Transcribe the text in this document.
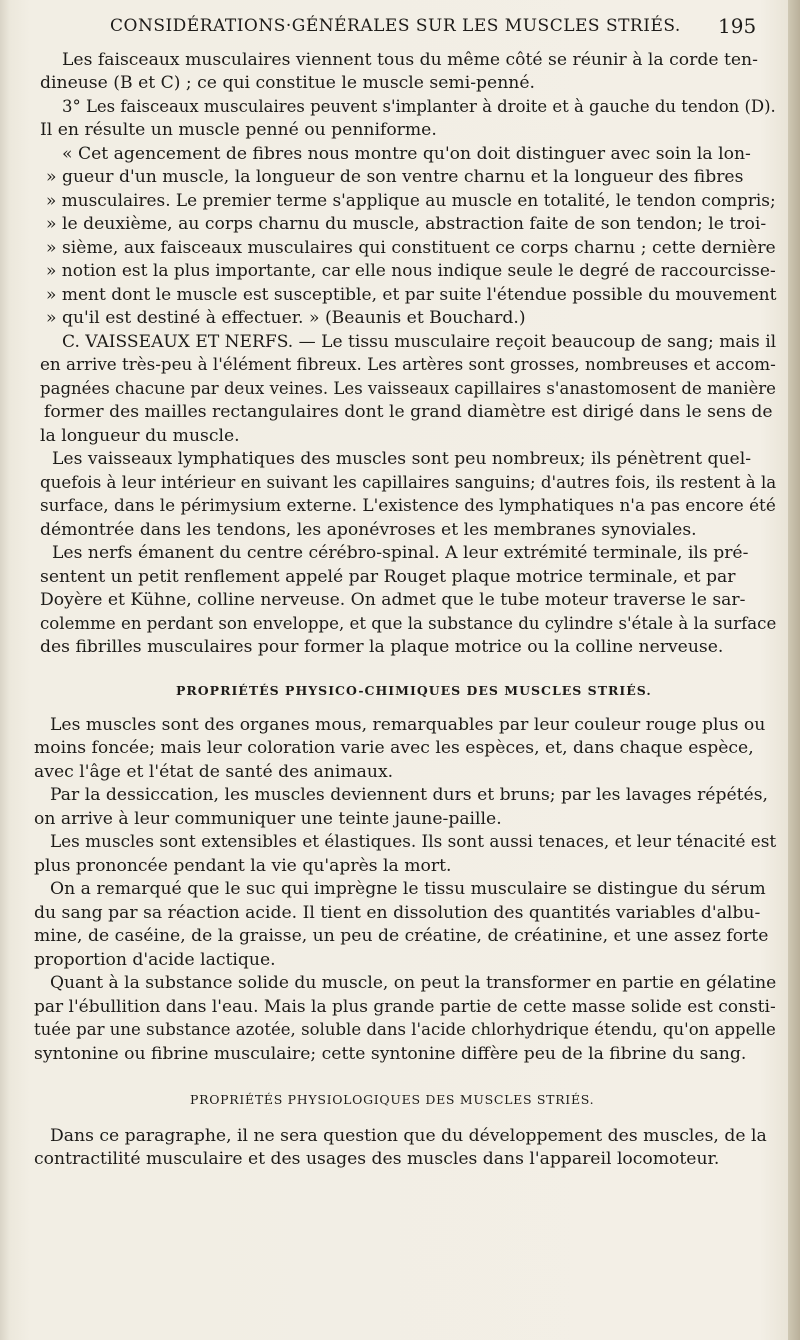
CONSIDÉRATIONS·GÉNÉRALES SUR LES MUSCLES STRIÉS. 195
Les faisceaux musculaires viennent tous du même côté se réunir à la corde ten-
dineuse (B et C) ; ce qui constitue le muscle semi-penné.
3° Les faisceaux musculaires peuvent s'implanter à droite et à gauche du tendon (D).
Il en résulte un muscle penné ou penniforme.
« Cet agencement de fibres nous montre qu'on doit distinguer avec soin la lon-
» gueur d'un muscle, la longueur de son ventre charnu et la longueur des fibres
» musculaires. Le premier terme s'applique au muscle en totalité, le tendon compris;
» le deuxième, au corps charnu du muscle, abstraction faite de son tendon; le troi-
» sième, aux faisceaux musculaires qui constituent ce corps charnu ; cette dernière
» notion est la plus importante, car elle nous indique seule le degré de raccourcisse-
» ment dont le muscle est susceptible, et par suite l'étendue possible du mouvement
» qu'il est destiné à effectuer. » (Beaunis et Bouchard.)
C. VAISSEAUX ET NERFS. — Le tissu musculaire reçoit beaucoup de sang; mais il
en arrive très-peu à l'élément fibreux. Les artères sont grosses, nombreuses et accom-
pagnées chacune par deux veines. Les vaisseaux capillaires s'anastomosent de manière
former des mailles rectangulaires dont le grand diamètre est dirigé dans le sens de
la longueur du muscle.
Les vaisseaux lymphatiques des muscles sont peu nombreux; ils pénètrent quel-
quefois à leur intérieur en suivant les capillaires sanguins; d'autres fois, ils restent à la
surface, dans le périmysium externe. L'existence des lymphatiques n'a pas encore été
démontrée dans les tendons, les aponévroses et les membranes synoviales.
Les nerfs émanent du centre cérébro-spinal. A leur extrémité terminale, ils pré-
sentent un petit renflement appelé par Rouget plaque motrice terminale, et par
Doyère et Kühne, colline nerveuse. On admet que le tube moteur traverse le sar-
colemme en perdant son enveloppe, et que la substance du cylindre s'étale à la surface
des fibrilles musculaires pour former la plaque motrice ou la colline nerveuse.
PROPRIÉTÉS PHYSICO-CHIMIQUES DES MUSCLES STRIÉS.
Les muscles sont des organes mous, remarquables par leur couleur rouge plus ou
moins foncée; mais leur coloration varie avec les espèces, et, dans chaque espèce,
avec l'âge et l'état de santé des animaux.
Par la dessiccation, les muscles deviennent durs et bruns; par les lavages répétés,
on arrive à leur communiquer une teinte jaune-paille.
Les muscles sont extensibles et élastiques. Ils sont aussi tenaces, et leur ténacité est
plus prononcée pendant la vie qu'après la mort.
On a remarqué que le suc qui imprègne le tissu musculaire se distingue du sérum
du sang par sa réaction acide. Il tient en dissolution des quantités variables d'albu-
mine, de caséine, de la graisse, un peu de créatine, de créatinine, et une assez forte
proportion d'acide lactique.
Quant à la substance solide du muscle, on peut la transformer en partie en gélatine
par l'ébullition dans l'eau. Mais la plus grande partie de cette masse solide est consti-
tuée par une substance azotée, soluble dans l'acide chlorhydrique étendu, qu'on appelle
syntonine ou fibrine musculaire; cette syntonine diffère peu de la fibrine du sang.
PROPRIÉTÉS PHYSIOLOGIQUES DES MUSCLES STRIÉS.
Dans ce paragraphe, il ne sera question que du développement des muscles, de la
contractilité musculaire et des usages des muscles dans l'appareil locomoteur.
